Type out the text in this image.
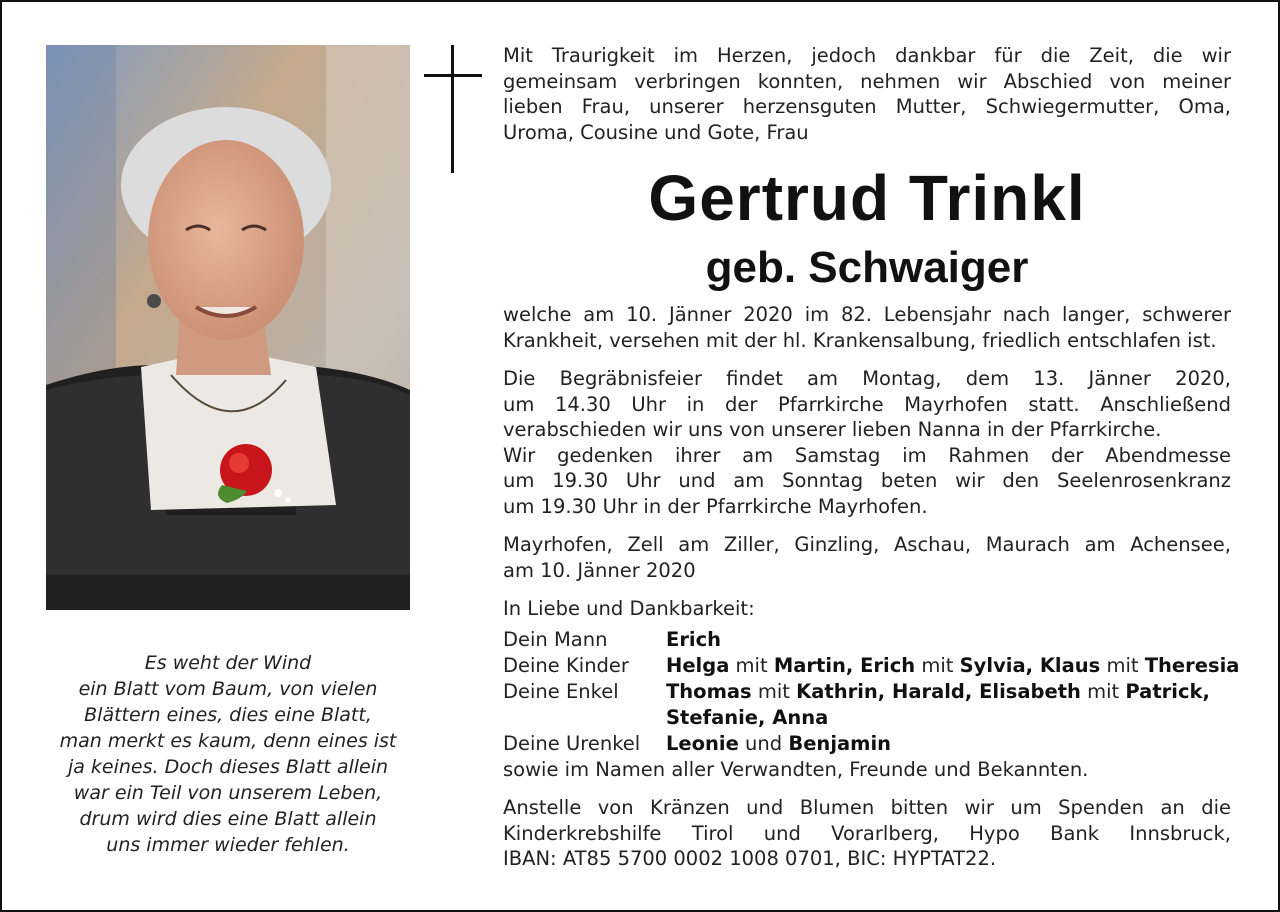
Es weht der Wind
ein Blatt vom Baum, von vielen
Blättern eines, dies eine Blatt,
man merkt es kaum, denn eines ist
ja keines. Doch dieses Blatt allein
war ein Teil von unserem Leben,
drum wird dies eine Blatt allein
uns immer wieder fehlen.
Mit Traurigkeit im Herzen, jedoch dankbar für die Zeit, die wir
gemeinsam verbringen konnten, nehmen wir Abschied von meiner
lieben Frau, unserer herzensguten Mutter, Schwiegermutter, Oma,
Uroma, Cousine und Gote, Frau
Gertrud Trinkl
geb. Schwaiger
welche am 10. Jänner 2020 im 82. Lebensjahr nach langer, schwerer
Krankheit, versehen mit der hl. Krankensalbung, friedlich entschlafen ist.
Die Begräbnisfeier findet am Montag, dem 13. Jänner 2020,
um 14.30 Uhr in der Pfarrkirche Mayrhofen statt. Anschließend
verabschieden wir uns von unserer lieben Nanna in der Pfarrkirche.
Wir gedenken ihrer am Samstag im Rahmen der Abendmesse
um 19.30 Uhr und am Sonntag beten wir den Seelenrosenkranz
um 19.30 Uhr in der Pfarrkirche Mayrhofen.
Mayrhofen, Zell am Ziller, Ginzling, Aschau, Maurach am Achensee,
am 10. Jänner 2020
In Liebe und Dankbarkeit:
Dein Mann	Erich
Deine Kinder	Helga mit Martin, Erich mit Sylvia, Klaus mit Theresia
Deine Enkel	Thomas mit Kathrin, Harald, Elisabeth mit Patrick,
Stefanie, Anna
Deine Urenkel	Leonie und Benjamin
sowie im Namen aller Verwandten, Freunde und Bekannten.
Anstelle von Kränzen und Blumen bitten wir um Spenden an die
Kinderkrebshilfe Tirol und Vorarlberg, Hypo Bank Innsbruck,
IBAN: AT85 5700 0002 1008 0701, BIC: HYPTAT22.
